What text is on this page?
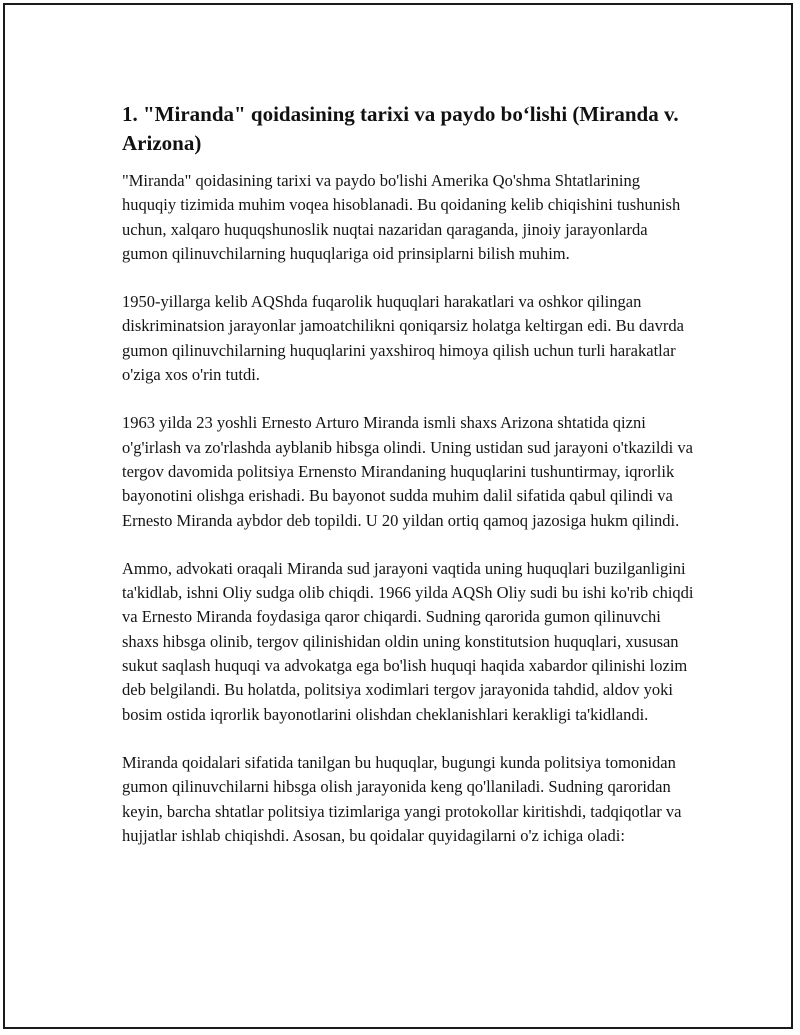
1. "Miranda" qoidasining tarixi va paydo bo‘lishi (Miranda v. Arizona)

"Miranda" qoidasining tarixi va paydo bo'lishi Amerika Qo'shma Shtatlarining huquqiy tizimida muhim voqea hisoblanadi. Bu qoidaning kelib chiqishini tushunish uchun, xalqaro huquqshunoslik nuqtai nazaridan qaraganda, jinoiy jarayonlarda gumon qilinuvchilarning huquqlariga oid prinsiplarni bilish muhim.

1950-yillarga kelib AQShda fuqarolik huquqlari harakatlari va oshkor qilingan diskriminatsion jarayonlar jamoatchilikni qoniqarsiz holatga keltirgan edi. Bu davrda gumon qilinuvchilarning huquqlarini yaxshiroq himoya qilish uchun turli harakatlar o'ziga xos o'rin tutdi.

1963 yilda 23 yoshli Ernesto Arturo Miranda ismli shaxs Arizona shtatida qizni o'g'irlash va zo'rlashda ayblanib hibsga olindi. Uning ustidan sud jarayoni o'tkazildi va tergov davomida politsiya Ernensto Mirandaning huquqlarini tushuntirmay, iqrorlik bayonotini olishga erishadi. Bu bayonot sudda muhim dalil sifatida qabul qilindi va Ernesto Miranda aybdor deb topildi. U 20 yildan ortiq qamoq jazosiga hukm qilindi.

Ammo, advokati oraqali Miranda sud jarayoni vaqtida uning huquqlari buzilganligini ta'kidlab, ishni Oliy sudga olib chiqdi. 1966 yilda AQSh Oliy sudi bu ishi ko'rib chiqdi va Ernesto Miranda foydasiga qaror chiqardi. Sudning qarorida gumon qilinuvchi shaxs hibsga olinib, tergov qilinishidan oldin uning konstitutsion huquqlari, xususan sukut saqlash huquqi va advokatga ega bo'lish huquqi haqida xabardor qilinishi lozim deb belgilandi. Bu holatda, politsiya xodimlari tergov jarayonida tahdid, aldov yoki bosim ostida iqrorlik bayonotlarini olishdan cheklanishlari kerakligi ta'kidlandi.

Miranda qoidalari sifatida tanilgan bu huquqlar, bugungi kunda politsiya tomonidan gumon qilinuvchilarni hibsga olish jarayonida keng qo'llaniladi. Sudning qaroridan keyin, barcha shtatlar politsiya tizimlariga yangi protokollar kiritishdi, tadqiqotlar va hujjatlar ishlab chiqishdi. Asosan, bu qoidalar quyidagilarni o'z ichiga oladi:
